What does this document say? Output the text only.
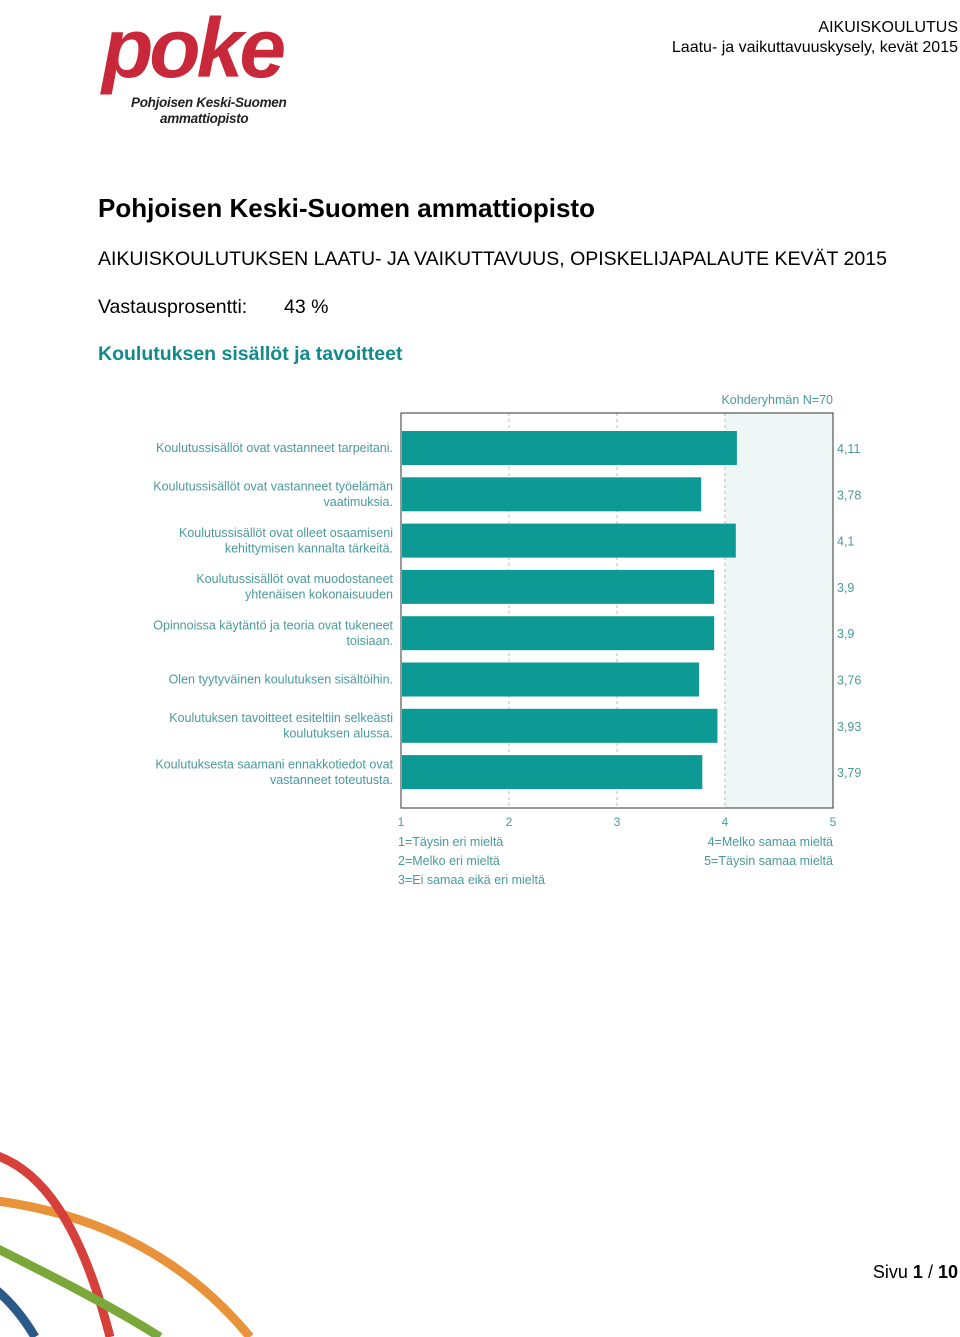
poke
Pohjoisen Keski-Suomen
ammattiopisto
AIKUISKOULUTUS
Laatu- ja vaikuttavuuskysely, kevät 2015
Pohjoisen Keski-Suomen ammattiopisto
AIKUISKOULUTUKSEN LAATU- JA VAIKUTTAVUUS, OPISKELIJAPALAUTE KEVÄT 2015
Vastausprosentti: 43 %
Koulutuksen sisällöt ja tavoitteet
Kohderyhmän N=70
4,11
Koulutussisällöt ovat vastanneet tarpeitani.
3,78
Koulutussisällöt ovat vastanneet työelämän
vaatimuksia.
4,1
Koulutussisällöt ovat olleet osaamiseni
kehittymisen kannalta tärkeitä.
3,9
Koulutussisällöt ovat muodostaneet
yhtenäisen kokonaisuuden
3,9
Opinnoissa käytäntö ja teoria ovat tukeneet
toisiaan.
3,76
Olen tyytyväinen koulutuksen sisältöihin.
3,93
Koulutuksen tavoitteet esiteltiin selkeästi
koulutuksen alussa.
3,79
Koulutuksesta saamani ennakkotiedot ovat
vastanneet toteutusta.
1	2	3	4	5
1=Täysin eri mieltä
2=Melko eri mieltä
3=Ei samaa eikä eri mieltä
4=Melko samaa mieltä
5=Täysin samaa mieltä
Sivu 1 / 10
